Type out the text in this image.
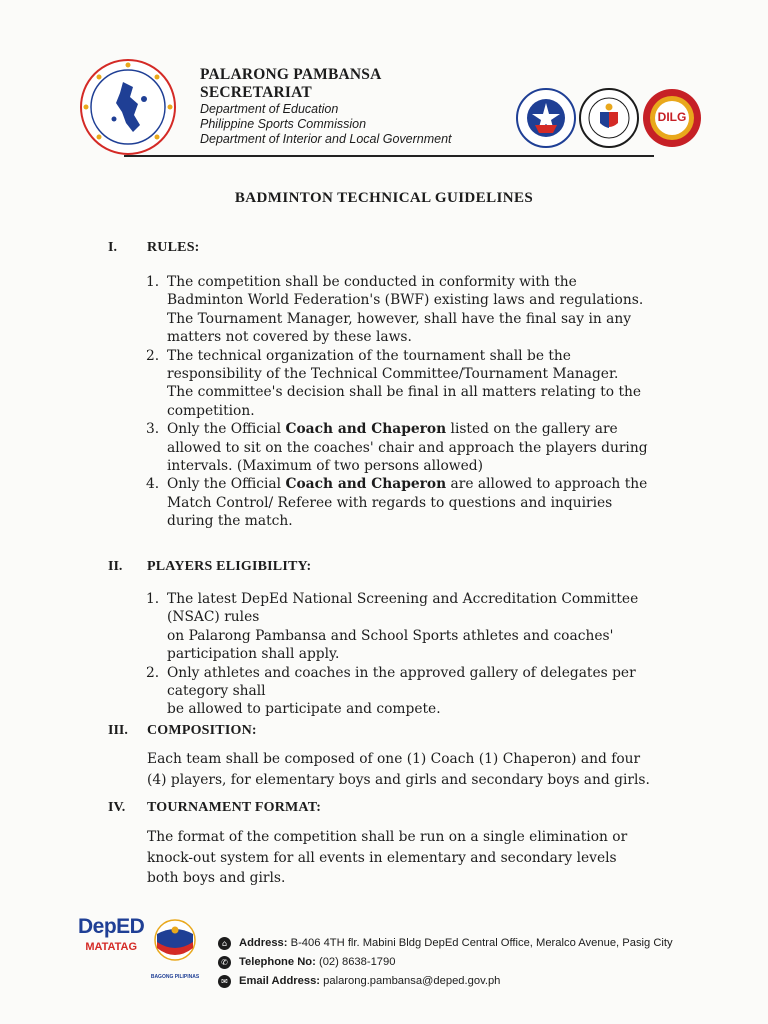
PALARONG PAMBANSA
SECRETARIAT
Department of Education
Philippine Sports Commission
Department of Interior and Local Government
DILG
BADMINTON TECHNICAL GUIDELINES
I. RULES:
1. The competition shall be conducted in conformity with the
Badminton World Federation's (BWF) existing laws and regulations.
The Tournament Manager, however, shall have the final say in any
matters not covered by these laws.
2. The technical organization of the tournament shall be the
responsibility of the Technical Committee/Tournament Manager.
The committee's decision shall be final in all matters relating to the
competition.
3. Only the Official Coach and Chaperon listed on the gallery are
allowed to sit on the coaches' chair and approach the players during
intervals. (Maximum of two persons allowed)
4. Only the Official Coach and Chaperon are allowed to approach the
Match Control/ Referee with regards to questions and inquiries
during the match.
II. PLAYERS ELIGIBILITY:
1. The latest DepEd National Screening and Accreditation Committee
(NSAC) rules
on Palarong Pambansa and School Sports athletes and coaches'
participation shall apply.
2. Only athletes and coaches in the approved gallery of delegates per
category shall
be allowed to participate and compete.
III. COMPOSITION:
Each team shall be composed of one (1) Coach (1) Chaperon) and four
(4) players, for elementary boys and girls and secondary boys and girls.
IV. TOURNAMENT FORMAT:
The format of the competition shall be run on a single elimination or
knock-out system for all events in elementary and secondary levels
both boys and girls.
DepED
MATATAG
BAGONG PILIPINAS
⌂	Address:
B-406 4TH flr. Mabini Bldg DepEd Central Office, Meralco Avenue, Pasig City
✆ Telephone No:
(02) 8638-1790
✉ Email Address:
palarong.pambansa@deped.gov.ph
